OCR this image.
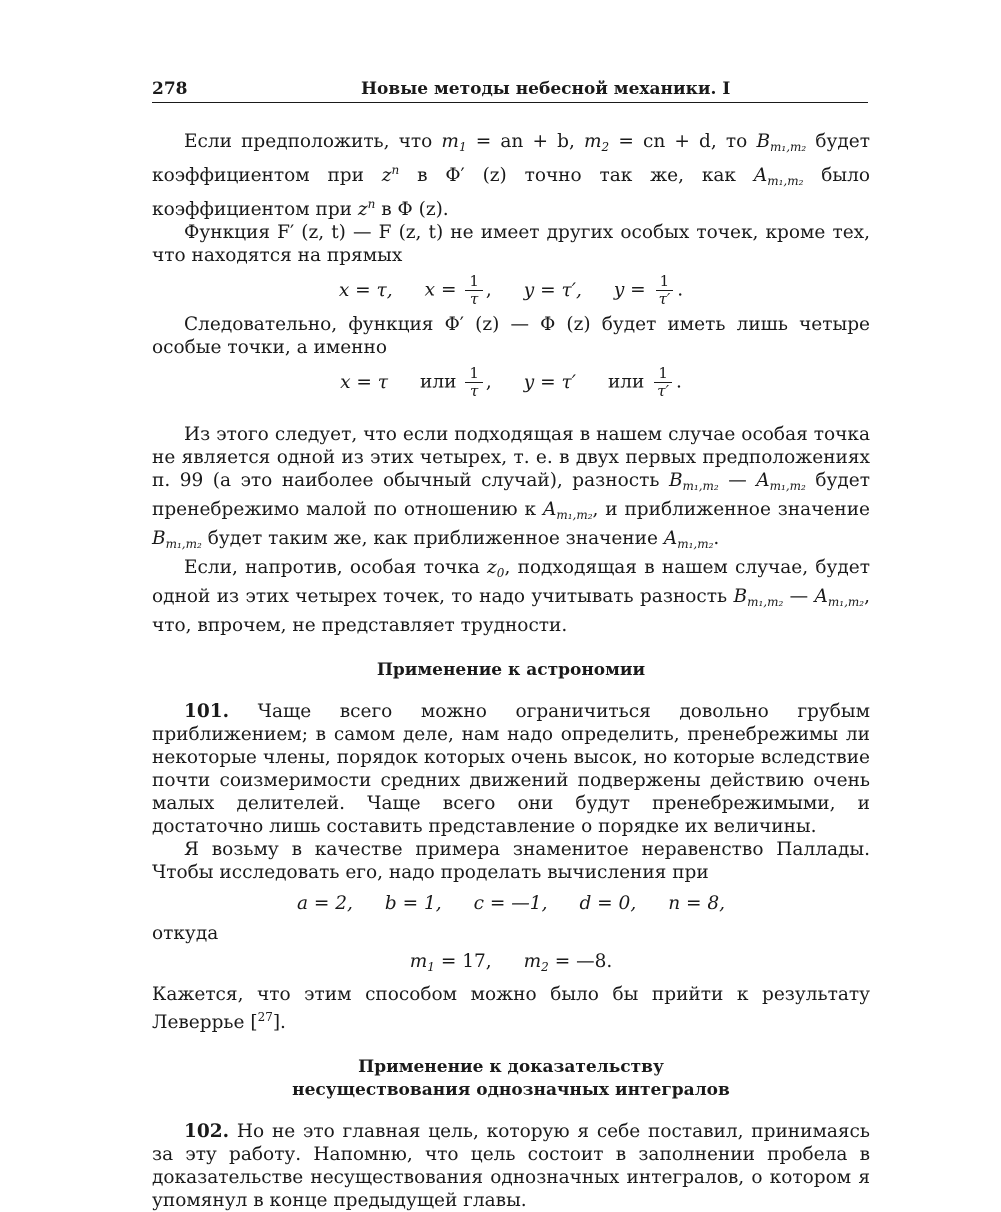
278	Новые методы небесной механики. I

Если предположить, что $m_1$ = an + b, $m_2$ = cn + d, то $B_{m_1,m_2}$ будет коэффициентом при $z^n$ в Φ′ (z) точно так же, как $A_{m_1,m_2}$ было коэффициентом при $z^n$ в Φ (z).

Функция F′ (z, t) — F (z, t) не имеет других особых точек, кроме тех, что находятся на прямых

x = τ, $x = \frac{1}{\tau}$ , y = τ′, $y = \frac{1}{\tau'}$ .

Следовательно, функция Φ′ (z) — Φ (z) будет иметь лишь четыре особые точки, а именно

x = τ или $\frac{1}{\tau}$ , y = τ′ или $\frac{1}{\tau'}$ .

Из этого следует, что если подходящая в нашем случае особая точка не является одной из этих четырех, т. е. в двух первых предположениях п. 99 (а это наиболее обычный случай), разность $B_{m_1,m_2}$ — $A_{m_1,m_2}$ будет пренебрежимо малой по отношению к $A_{m_1,m_2}$, и приближенное значение $B_{m_1,m_2}$ будет таким же, как приближенное значение $A_{m_1,m_2}$.

Если, напротив, особая точка $z_0$, подходящая в нашем случае, будет одной из этих четырех точек, то надо учитывать разность $B_{m_1,m_2}$ — $A_{m_1,m_2}$, что, впрочем, не представляет трудности.

Применение к астрономии

101. Чаще всего можно ограничиться довольно грубым приближением; в самом деле, нам надо определить, пренебрежимы ли некоторые члены, порядок которых очень высок, но которые вследствие почти соизмеримости средних движений подвержены действию очень малых делителей. Чаще всего они будут пренебрежимыми, и достаточно лишь составить представление о порядке их величины.

Я возьму в качестве примера знаменитое неравенство Паллады. Чтобы исследовать его, надо проделать вычисления при

a = 2, b = 1, c = —1, d = 0, n = 8,

откуда

$m_1 = 17$, $m_2$ = —8.

Кажется, что этим способом можно было бы прийти к результату Леверрье [$^{27}$].

Применение к доказательству
несуществования однозначных интегралов

102. Но не это главная цель, которую я себе поставил, принимаясь за эту работу. Напомню, что цель состоит в заполнении пробела в доказательстве несуществования однозначных интегралов, о котором я упомянул в конце предыдущей главы.
